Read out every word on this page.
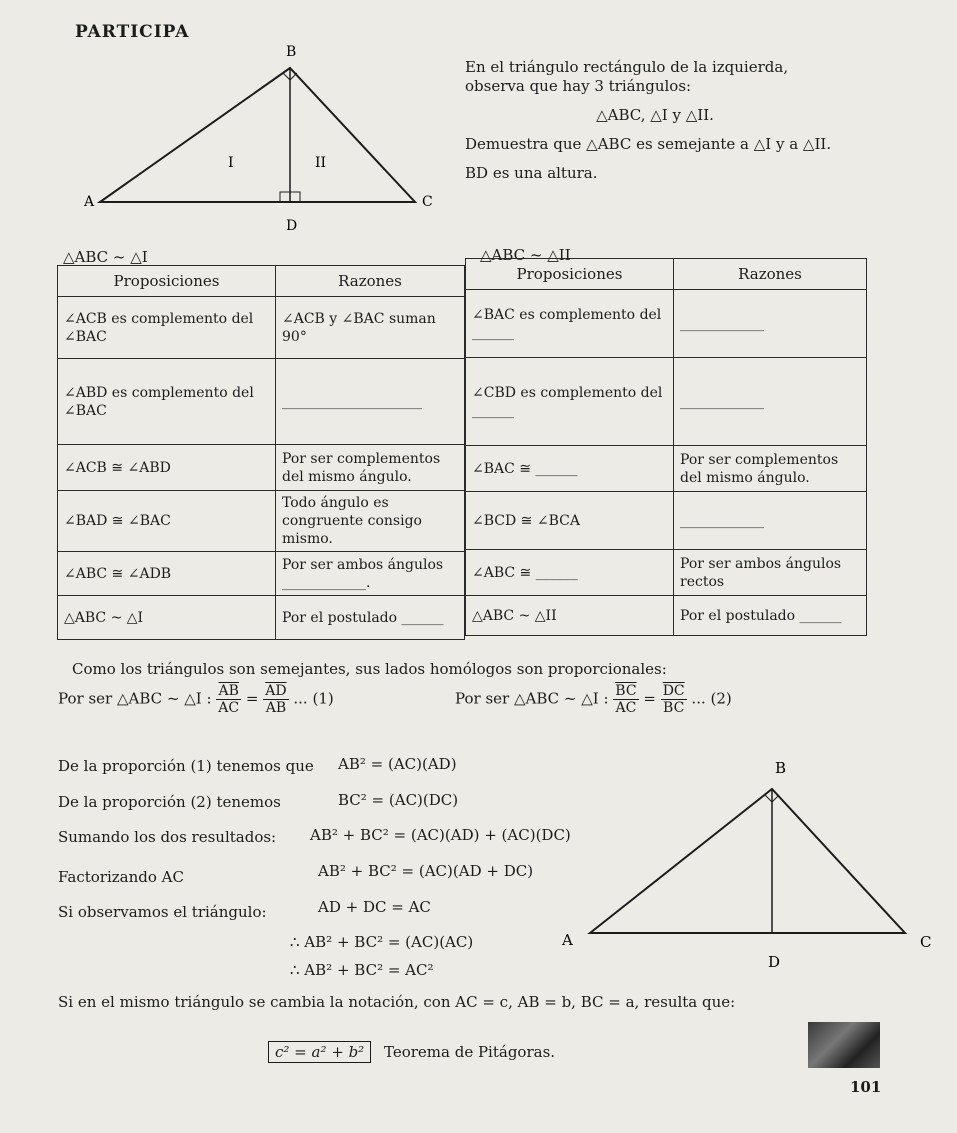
PARTICIPA
B
A	C
D
I	II

En el triángulo rectángulo de la izquierda, observa que hay 3 triángulos:

△ABC, △I y △II.

Demuestra que △ABC es semejante a △I y a △II.

BD es una altura.

△ABC ~ △I	△ABC ~ △II
Proposiciones	Razones
∠ACB es complemento del ∠BAC	∠ACB y ∠BAC suman 90°
∠ABD es complemento del ∠BAC	____________________
∠ACB ≅ ∠ABD	Por ser complementos del mismo ángulo.
∠BAD ≅ ∠BAC	Todo ángulo es congruente consigo mismo.
∠ABC ≅ ∠ADB	Por ser ambos ángulos ____________.
△ABC ~ △I	Por el postulado ______
Proposiciones	Razones
∠BAC es complemento del ______	____________
∠CBD es complemento del ______	____________
∠BAC ≅ ______	Por ser complementos del mismo ángulo.
∠BCD ≅ ∠BCA	____________
∠ABC ≅ ______	Por ser ambos ángulos rectos
△ABC ~ △II	Por el postulado ______
Como los triángulos son semejantes, sus lados homólogos son proporcionales:
Por ser △ABC ~ △I : $\frac{\overline{AB}}{AC} = \frac{\overline{AD}}{AB}$ ... (1)	Por ser △ABC ~ △I : $\frac{\overline{BC}}{AC} = \frac{\overline{DC}}{BC}$ ... (2)
De la proporción (1) tenemos que AB² = (AC)(AD)
De la proporción (2) tenemos	BC² = (AC)(DC)
Sumando los dos resultados: AB² + BC² = (AC)(AD) + (AC)(DC)
Factorizando AC	AB² + BC² = (AC)(AD + DC)
Si observamos el triángulo:	AD + DC = AC
∴ AB² + BC² = (AC)(AC)
∴ AB² + BC² = AC²
B
A	C
D
Si en el mismo triángulo se cambia la notación, con AC = c, AB = b, BC = a, resulta que:
c² = a² + b² Teorema de Pitágoras.
101
